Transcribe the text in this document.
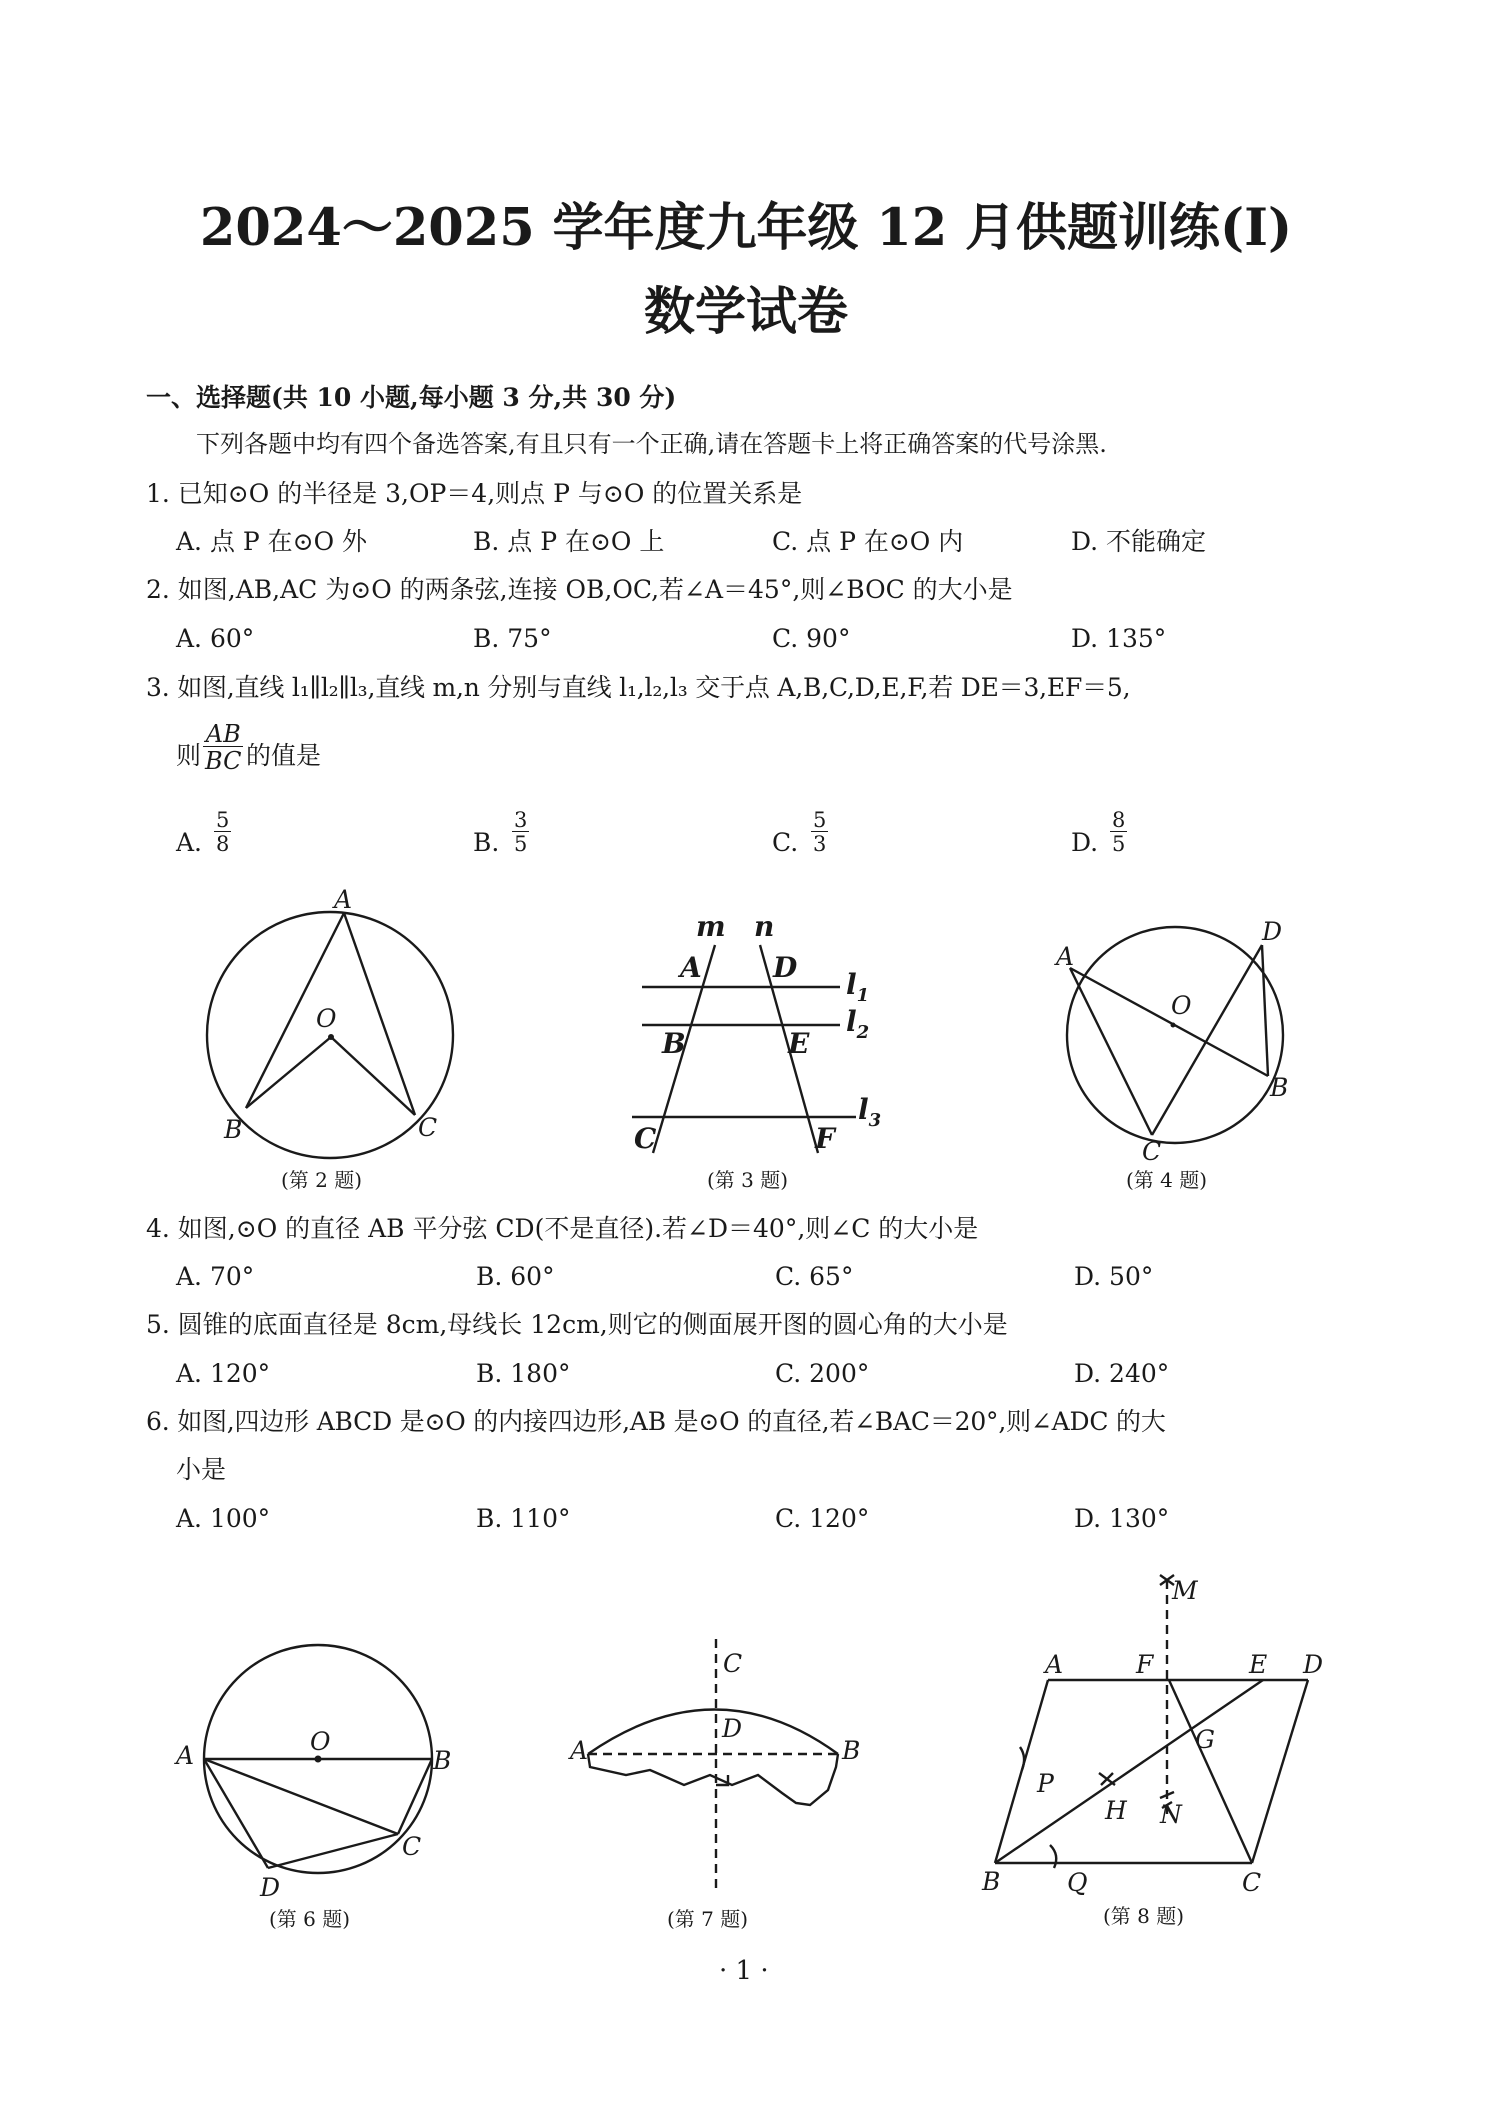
2024～2025 学年度九年级 12 月供题训练(Ⅰ)
数学试卷
一、选择题(共 10 小题,每小题 3 分,共 30 分)
下列各题中均有四个备选答案,有且只有一个正确,请在答题卡上将正确答案的代号涂黑.
1. 已知⊙O 的半径是 3,OP＝4,则点 P 与⊙O 的位置关系是
A. 点 P 在⊙O 外	B. 点 P 在⊙O 上	C. 点 P 在⊙O 内	D. 不能确定
2. 如图,AB,AC 为⊙O 的两条弦,连接 OB,OC,若∠A＝45°,则∠BOC 的大小是
A. 60°	B. 75°	C. 90°	D. 135°
3. 如图,直线 l₁∥l₂∥l₃,直线 m,n 分别与直线 l₁,l₂,l₃ 交于点 A,B,C,D,E,F,若 DE＝3,EF＝5,
则 $\frac{AB}{BC}$ 的值是
A. $\frac{5}{8}$	B. $\frac{3}{5}$	C. $\frac{5}{3}$	D. $\frac{8}{5}$
A
O
B	C
(第 2 题)
m n
A	D
$l_1$
B	E
$l_2$
C	F
$l_3$
(第 3 题)
A
D
O
B
C
(第 4 题)
4. 如图,⊙O 的直径 AB 平分弦 CD(不是直径).若∠D＝40°,则∠C 的大小是
A. 70°	B. 60°	C. 65°	D. 50°
5. 圆锥的底面直径是 8cm,母线长 12cm,则它的侧面展开图的圆心角的大小是
A. 120°	B. 180°	C. 200°	D. 240°
6. 如图,四边形 ABCD 是⊙O 的内接四边形,AB 是⊙O 的直径,若∠BAC＝20°,则∠ADC 的大
小是
A. 100°	B. 110°	C. 120°	D. 130°
O
A	B
C
D
(第 6 题)
C
D
A	B
(第 7 题)
M
A	F	E D
G
P
H N
B	Q	C
(第 8 题)
· 1 ·
